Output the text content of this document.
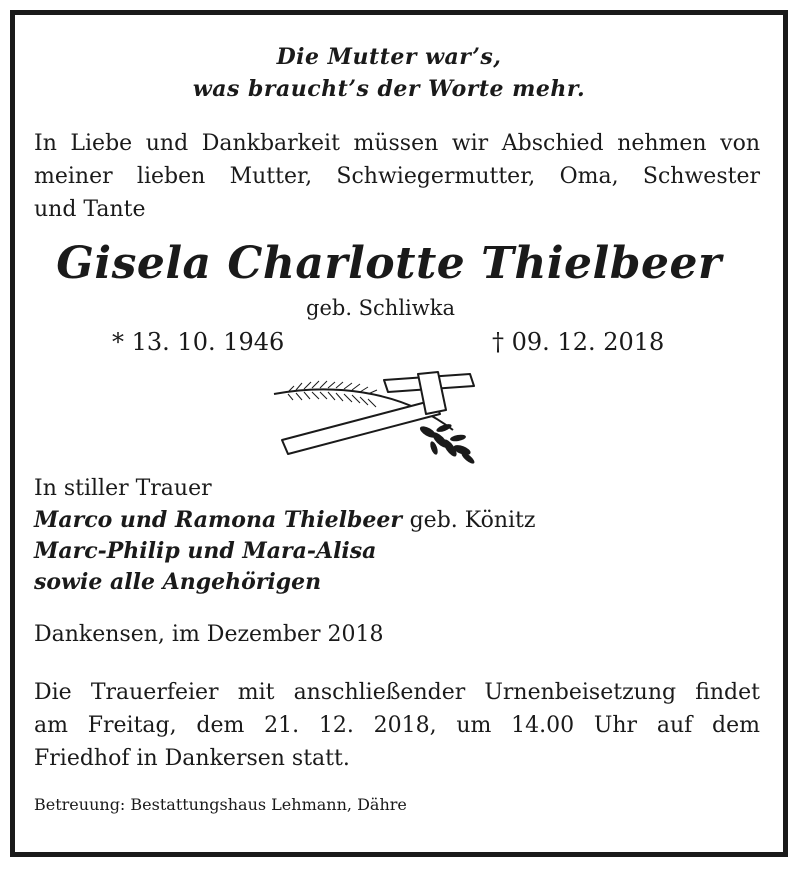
Die Mutter war’s,
was braucht’s der Worte mehr.
In Liebe und Dankbarkeit müssen wir Abschied nehmen von
meiner lieben Mutter, Schwiegermutter, Oma, Schwester
und Tante
Gisela Charlotte Thielbeer
geb. Schliwka
* 13. 10. 1946	† 09. 12. 2018
In stiller Trauer
Marco und Ramona Thielbeer geb. Könitz
Marc-Philip und Mara-Alisa
sowie alle Angehörigen
Dankensen, im Dezember 2018
Die Trauerfeier mit anschließender Urnenbeisetzung findet
am Freitag, dem 21. 12. 2018, um 14.00 Uhr auf dem
Friedhof in Dankersen statt.
Betreuung: Bestattungshaus Lehmann, Dähre
